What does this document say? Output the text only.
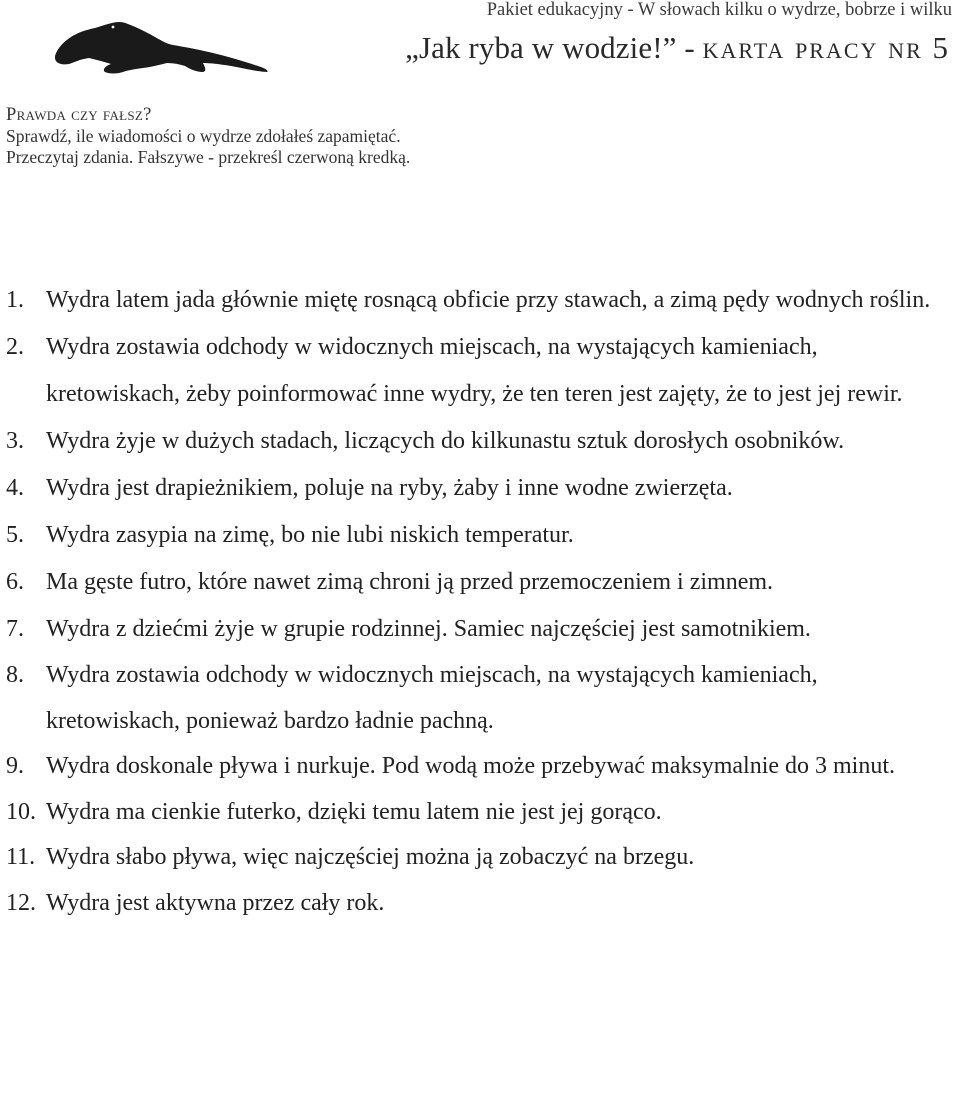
Pakiet edukacyjny - W słowach kilku o wydrze, bobrze i wilku
„Jak ryba w wodzie!” - karta pracy nr 5
Prawda czy fałsz?
Sprawdź, ile wiadomości o wydrze zdołałeś zapamiętać.
Przeczytaj zdania. Fałszywe - przekreśl czerwoną kredką.
1. Wydra latem jada głównie miętę rosnącą obficie przy stawach, a zimą pędy wodnych roślin.
2. Wydra zostawia odchody w widocznych miejscach, na wystających kamieniach, kretowiskach, żeby poinformować inne wydry, że ten teren jest zajęty, że to jest jej rewir.
3. Wydra żyje w dużych stadach, liczących do kilkunastu sztuk dorosłych osobników.
4. Wydra jest drapieżnikiem, poluje na ryby, żaby i inne wodne zwierzęta.
5. Wydra zasypia na zimę, bo nie lubi niskich temperatur.
6. Ma gęste futro, które nawet zimą chroni ją przed przemoczeniem i zimnem.
7. Wydra z dziećmi żyje w grupie rodzinnej. Samiec najczęściej jest samotnikiem.
8. Wydra zostawia odchody w widocznych miejscach, na wystających kamieniach, kretowiskach, ponieważ bardzo ładnie pachną.
9. Wydra doskonale pływa i nurkuje. Pod wodą może przebywać maksymalnie do 3 minut.
10. Wydra ma cienkie futerko, dzięki temu latem nie jest jej gorąco.
11. Wydra słabo pływa, więc najczęściej można ją zobaczyć na brzegu.
12. Wydra jest aktywna przez cały rok.
